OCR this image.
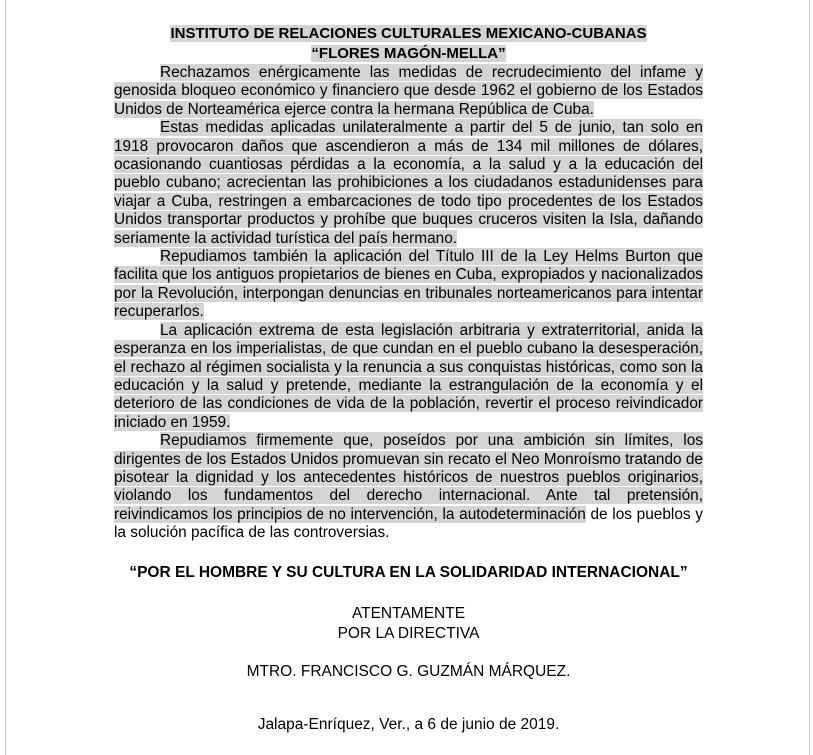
INSTITUTO DE RELACIONES CULTURALES MEXICANO-CUBANAS

“FLORES MAGÓN-MELLA”

Rechazamos enérgicamente las medidas de recrudecimiento del infame y genosida bloqueo económico y financiero que desde 1962 el gobierno de los Estados Unidos de Norteamérica ejerce contra la hermana República de Cuba.

Estas medidas aplicadas unilateralmente a partir del 5 de junio, tan solo en 1918 provocaron daños que ascendieron a más de 134 mil millones de dólares, ocasionando cuantiosas pérdidas a la economía, a la salud y a la educación del pueblo cubano; acrecientan las prohibiciones a los ciudadanos estadunidenses para viajar a Cuba, restringen a embarcaciones de todo tipo procedentes de los Estados Unidos transportar productos y prohíbe que buques cruceros visiten la Isla, dañando seriamente la actividad turística del país hermano.

Repudiamos también la aplicación del Título III de la Ley Helms Burton que facilita que los antiguos propietarios de bienes en Cuba, expropiados y nacionalizados por la Revolución, interpongan denuncias en tribunales norteamericanos para intentar recuperarlos.

La aplicación extrema de esta legislación arbitraria y extraterritorial, anida la esperanza en los imperialistas, de que cundan en el pueblo cubano la desesperación, el rechazo al régimen socialista y la renuncia a sus conquistas históricas, como son la educación y la salud y pretende, mediante la estrangulación de la economía y el deterioro de las condiciones de vida de la población, revertir el proceso reivindicador iniciado en 1959.

Repudiamos firmemente que, poseídos por una ambición sin límites, los dirigentes de los Estados Unidos promuevan sin recato el Neo Monroísmo tratando de pisotear la dignidad y los antecedentes históricos de nuestros pueblos originarios, violando los fundamentos del derecho internacional. Ante tal pretensión, reivindicamos los principios de no intervención, la autodeterminación de los pueblos y la solución pacífica de las controversias.

“POR EL HOMBRE Y SU CULTURA EN LA SOLIDARIDAD INTERNACIONAL”

ATENTAMENTE

POR LA DIRECTIVA

MTRO. FRANCISCO G. GUZMÁN MÁRQUEZ.

Jalapa-Enríquez, Ver., a 6 de junio de 2019.
